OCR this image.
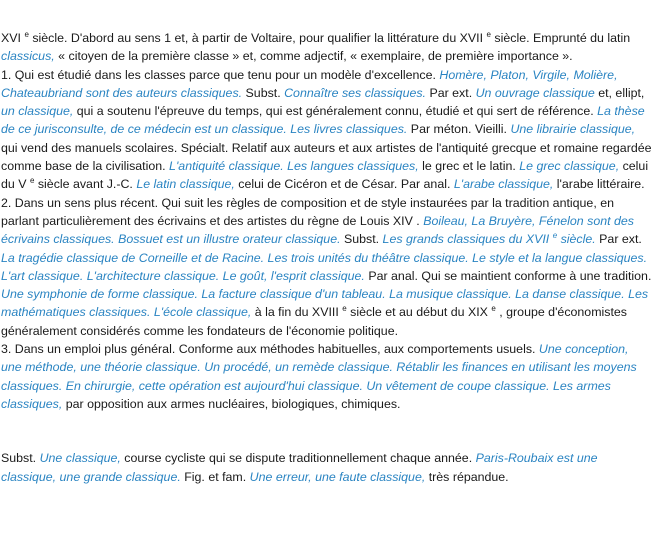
XVI $^e$ siècle. D'abord au sens 1 et, à partir de Voltaire, pour qualifier la littérature du XVII $^e$ siècle. Emprunté du latin classicus, « citoyen de la première classe » et, comme adjectif, « exemplaire, de première importance ».

1. Qui est étudié dans les classes parce que tenu pour un modèle d'excellence. Homère, Platon, Virgile, Molière, Chateaubriand sont des auteurs classiques. Subst. Connaître ses classiques. Par ext. Un ouvrage classique et, ellipt, un classique, qui a soutenu l'épreuve du temps, qui est généralement connu, étudié et qui sert de référence. La thèse de ce jurisconsulte, de ce médecin est un classique. Les livres classiques. Par méton. Vieilli. Une librairie classique, qui vend des manuels scolaires. Spécialt. Relatif aux auteurs et aux artistes de l'antiquité grecque et romaine regardée comme base de la civilisation. L'antiquité classique. Les langues classiques, le grec et le latin. Le grec classique, celui du V $^e$ siècle avant J.-C. Le latin classique, celui de Cicéron et de César. Par anal. L'arabe classique, l'arabe littéraire.

2. Dans un sens plus récent. Qui suit les règles de composition et de style instaurées par la tradition antique, en parlant particulièrement des écrivains et des artistes du règne de Louis XIV . Boileau, La Bruyère, Fénelon sont des écrivains classiques. Bossuet est un illustre orateur classique. Subst. Les grands classiques du XVII $^e$ siècle. Par ext. La tragédie classique de Corneille et de Racine. Les trois unités du théâtre classique. Le style et la langue classiques. L'art classique. L'architecture classique. Le goût, l'esprit classique. Par anal. Qui se maintient conforme à une tradition. Une symphonie de forme classique. La facture classique d'un tableau. La musique classique. La danse classique. Les mathématiques classiques. L'école classique, à la fin du XVIII $^e$ siècle et au début du XIX $^e$ , groupe d'économistes généralement considérés comme les fondateurs de l'économie politique.

3. Dans un emploi plus général. Conforme aux méthodes habituelles, aux comportements usuels. Une conception, une méthode, une théorie classique. Un procédé, un remède classique. Rétablir les finances en utilisant les moyens classiques. En chirurgie, cette opération est aujourd'hui classique. Un vêtement de coupe classique. Les armes classiques, par opposition aux armes nucléaires, biologiques, chimiques.

Subst. Une classique, course cycliste qui se dispute traditionnellement chaque année. Paris-Roubaix est une classique, une grande classique. Fig. et fam. Une erreur, une faute classique, très répandue.
